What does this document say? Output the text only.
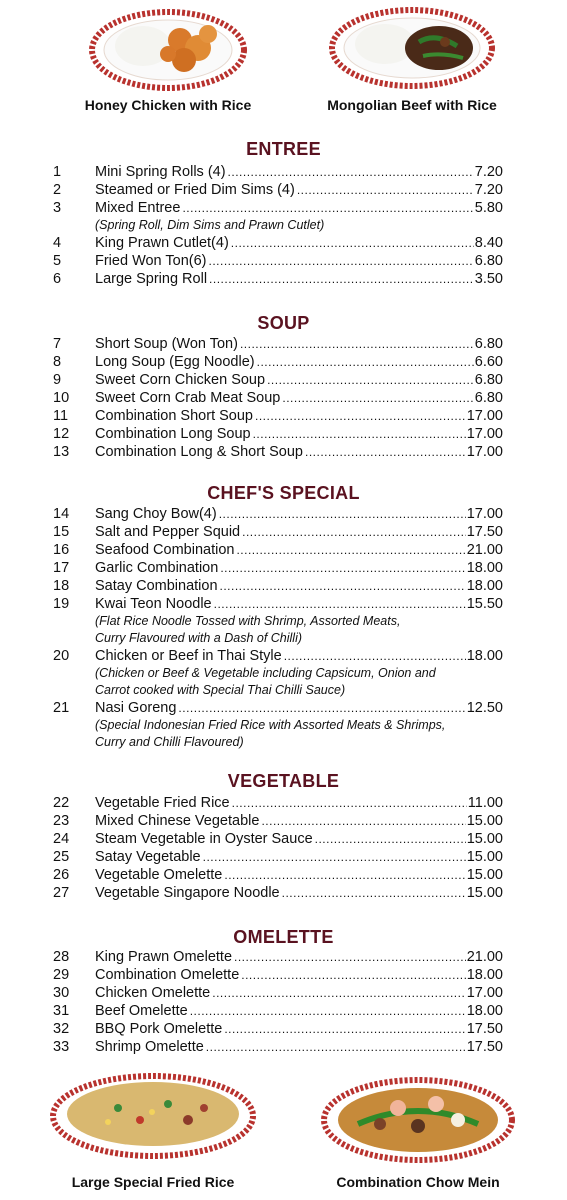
Honey Chicken with Rice	Mongolian Beef with Rice
ENTREE
1	Mini Spring Rolls (4) .....	7.20
2	Steamed or Fried Dim Sims (4) .....	7.20
3	Mixed Entree .....	5.80
(Spring Roll, Dim Sims and Prawn Cutlet)
4	King Prawn Cutlet(4) .....	8.40
5	Fried Won Ton(6) .....	6.80
6	Large Spring Roll .....	3.50
SOUP
7	Short Soup (Won Ton) .....	6.80
8	Long Soup (Egg Noodle) .....	6.60
9	Sweet Corn Chicken Soup .....	6.80
10	Sweet Corn Crab Meat Soup .....	6.80
11	Combination Short Soup .....	17.00
12	Combination Long Soup .....	17.00
13	Combination Long & Short Soup .....	17.00
CHEF'S SPECIAL
14	Sang Choy Bow(4) .....	17.00
15	Salt and Pepper Squid .....	17.50
16	Seafood Combination .....	21.00
17	Garlic Combination .....	18.00
18	Satay Combination .....	18.00
19	Kwai Teon Noodle .....	15.50
(Flat Rice Noodle Tossed with Shrimp, Assorted Meats,
Curry Flavoured with a Dash of Chilli)
20	Chicken or Beef in Thai Style .....	18.00
(Chicken or Beef & Vegetable including Capsicum, Onion and
Carrot cooked with Special Thai Chilli Sauce)
21	Nasi Goreng .....	12.50
(Special Indonesian Fried Rice with Assorted Meats & Shrimps,
Curry and Chilli Flavoured)
VEGETABLE
22	Vegetable Fried Rice .....	11.00
23	Mixed Chinese Vegetable .....	15.00
24	Steam Vegetable in Oyster Sauce .....	15.00
25	Satay Vegetable .....	15.00
26	Vegetable Omelette .....	15.00
27	Vegetable Singapore Noodle .....	15.00
OMELETTE
28	King Prawn Omelette .....	21.00
29	Combination Omelette .....	18.00
30	Chicken Omelette .....	17.00
31	Beef Omelette .....	18.00
32	BBQ Pork Omelette .....	17.50
33	Shrimp Omelette .....	17.50
Large Special Fried Rice	Combination Chow Mein
